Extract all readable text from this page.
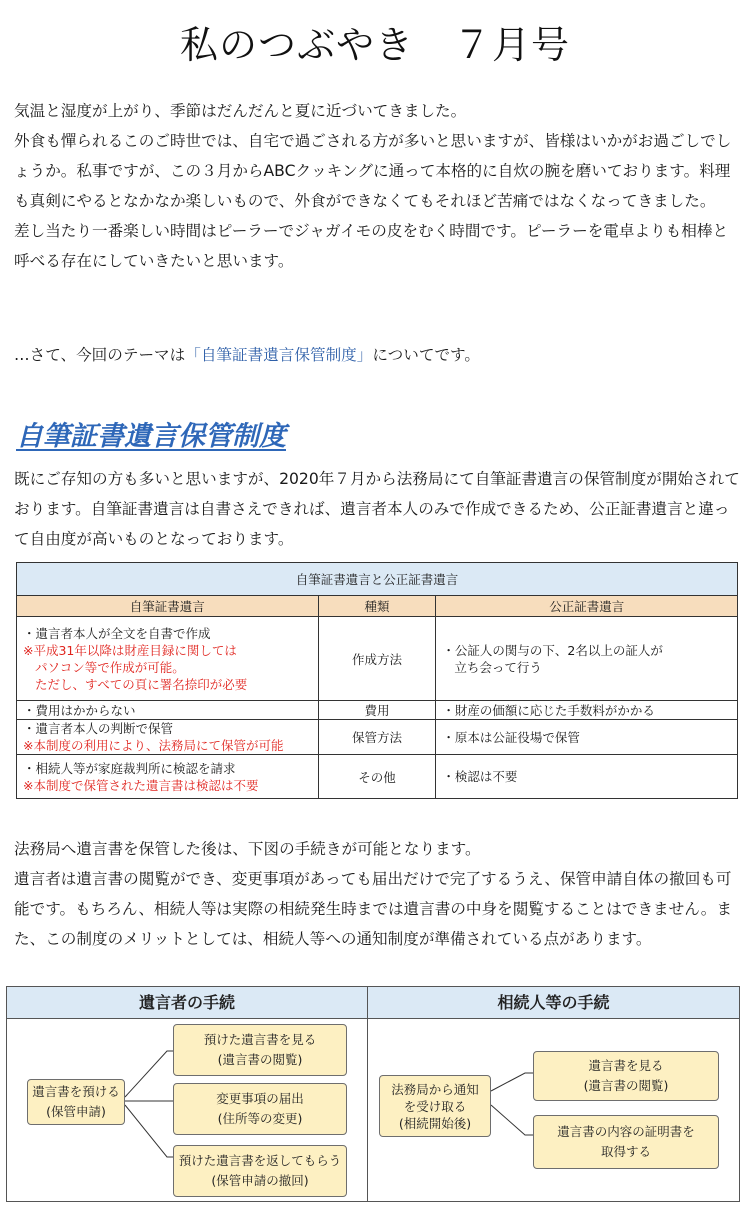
私のつぶやき　７月号

気温と湿度が上がり、季節はだんだんと夏に近づいてきました。

外食も憚られるこのご時世では、自宅で過ごされる方が多いと思いますが、皆様はいかがお過ごしでしょうか。私事ですが、この３月からABCクッキングに通って本格的に自炊の腕を磨いております。料理も真剣にやるとなかなか楽しいもので、外食ができなくてもそれほど苦痛ではなくなってきました。

差し当たり一番楽しい時間はピーラーでジャガイモの皮をむく時間です。ピーラーを電卓よりも相棒と呼べる存在にしていきたいと思います。

…さて、今回のテーマは「自筆証書遺言保管制度」についてです。

自筆証書遺言保管制度

既にご存知の方も多いと思いますが、2020年７月から法務局にて自筆証書遺言の保管制度が開始されております。自筆証書遺言は自書さえできれば、遺言者本人のみで作成できるため、公正証書遺言と違って自由度が高いものとなっております。

自筆証書遺言と公正証書遺言		
自筆証書遺言	種類	公正証書遺言

・遺言者本人が全文を自書で作成
※平成31年以降は財産目録に関しては
パソコン等で作成が可能。
ただし、すべての頁に署名捺印が必要	作成方法	・公証人の関与の下、2名以上の証人が
立ち会って行う

・費用はかからない	費用	・財産の価額に応じた手数料がかかる

・遺言者本人の判断で保管
※本制度の利用により、法務局にて保管が可能	保管方法	・原本は公証役場で保管

・相続人等が家庭裁判所に検認を請求
※本制度で保管された遺言書は検認は不要	その他	・検認は不要

法務局へ遺言書を保管した後は、下図の手続きが可能となります。

遺言者は遺言書の閲覧ができ、変更事項があっても届出だけで完了するうえ、保管申請自体の撤回も可能です。もちろん、相続人等は実際の相続発生時までは遺言書の中身を閲覧することはできません。また、この制度のメリットとしては、相続人等への通知制度が準備されている点があります。

遺言者の手続	相続人等の手続
遺言書を預ける
(保管申請)
預けた遺言書を見る
(遺言書の閲覧)
変更事項の届出
(住所等の変更)
預けた遺言書を返してもらう
(保管申請の撤回)
法務局から通知
を受け取る
(相続開始後)
遺言書を見る
(遺言書の閲覧)
遺言書の内容の証明書を
取得する
